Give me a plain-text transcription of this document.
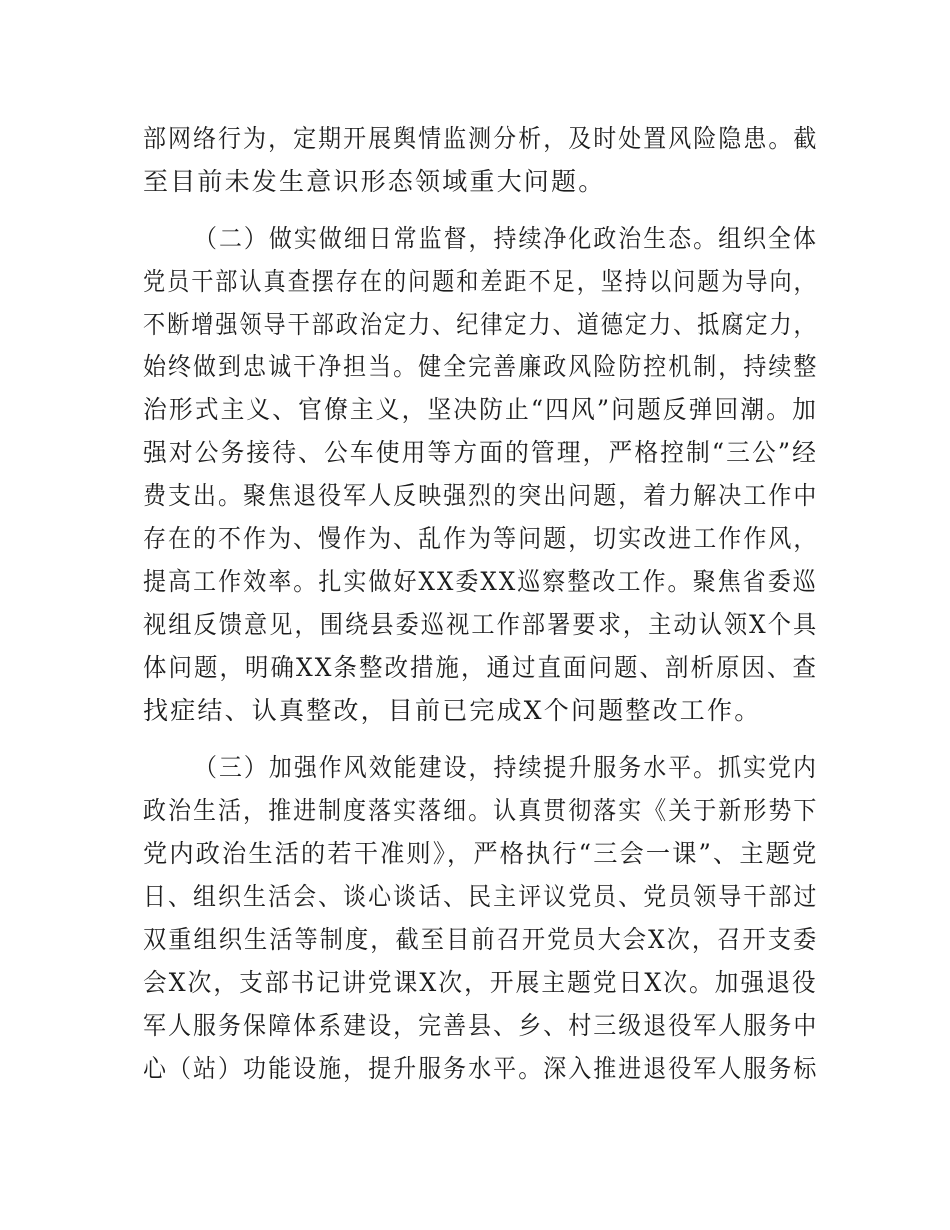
部网络行为，定期开展舆情监测分析，及时处置风险隐患。截
至目前未发生意识形态领域重大问题。
（二）做实做细日常监督，持续净化政治生态。组织全体
党员干部认真查摆存在的问题和差距不足，坚持以问题为导向，
不断增强领导干部政治定力、纪律定力、道德定力、抵腐定力，
始终做到忠诚干净担当。健全完善廉政风险防控机制，持续整
治形式主义、官僚主义，坚决防止“四风”问题反弹回潮。加
强对公务接待、公车使用等方面的管理，严格控制“三公”经
费支出。聚焦退役军人反映强烈的突出问题，着力解决工作中
存在的不作为、慢作为、乱作为等问题，切实改进工作作风，
提高工作效率。扎实做好XX委XX巡察整改工作。聚焦省委巡
视组反馈意见，围绕县委巡视工作部署要求，主动认领X个具
体问题，明确XX条整改措施，通过直面问题、剖析原因、查
找症结、认真整改，目前已完成X个问题整改工作。
（三）加强作风效能建设，持续提升服务水平。抓实党内
政治生活，推进制度落实落细。认真贯彻落实《关于新形势下
党内政治生活的若干准则》，严格执行“三会一课”、主题党
日、组织生活会、谈心谈话、民主评议党员、党员领导干部过
双重组织生活等制度，截至目前召开党员大会X次，召开支委
会X次，支部书记讲党课X次，开展主题党日X次。加强退役
军人服务保障体系建设，完善县、乡、村三级退役军人服务中
心（站）功能设施，提升服务水平。深入推进退役军人服务标
